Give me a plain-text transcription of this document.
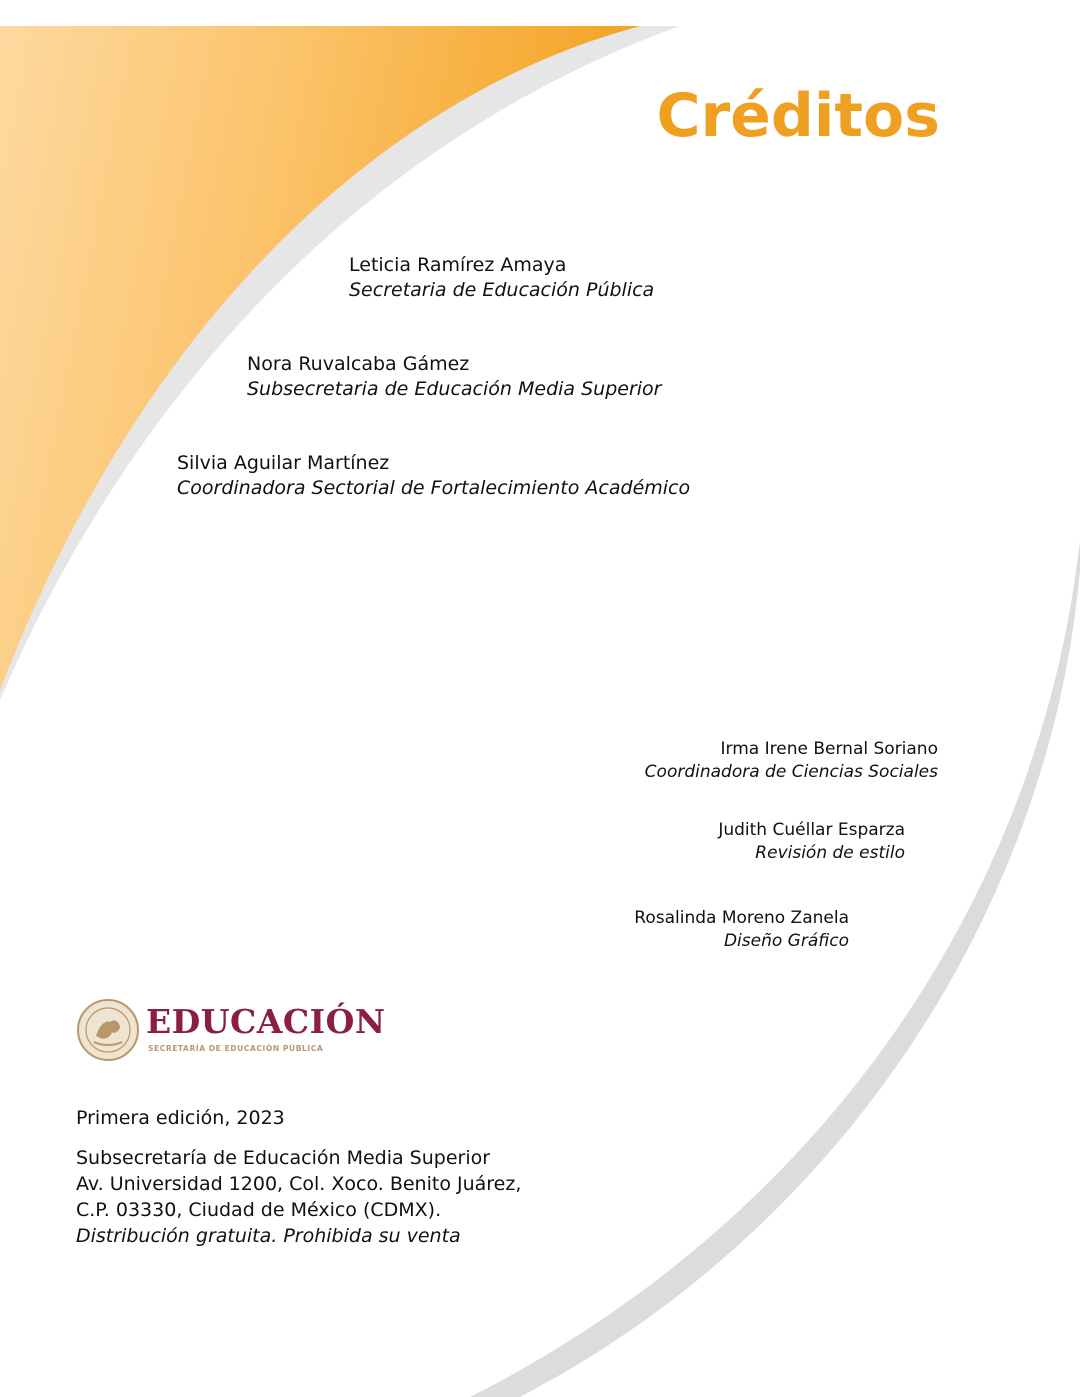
Créditos
Leticia Ramírez Amaya
Secretaria de Educación Pública
Nora Ruvalcaba Gámez
Subsecretaria de Educación Media Superior
Silvia Aguilar Martínez
Coordinadora Sectorial de Fortalecimiento Académico
Irma Irene Bernal Soriano
Coordinadora de Ciencias Sociales
Judith Cuéllar Esparza
Revisión de estilo
Rosalinda Moreno Zanela
Diseño Gráfico
EDUCACIÓN
SECRETARÍA DE EDUCACIÓN PÚBLICA
Primera edición, 2023
Subsecretaría de Educación Media Superior
Av. Universidad 1200, Col. Xoco. Benito Juárez,
C.P. 03330, Ciudad de México (CDMX).
Distribución gratuita. Prohibida su venta
